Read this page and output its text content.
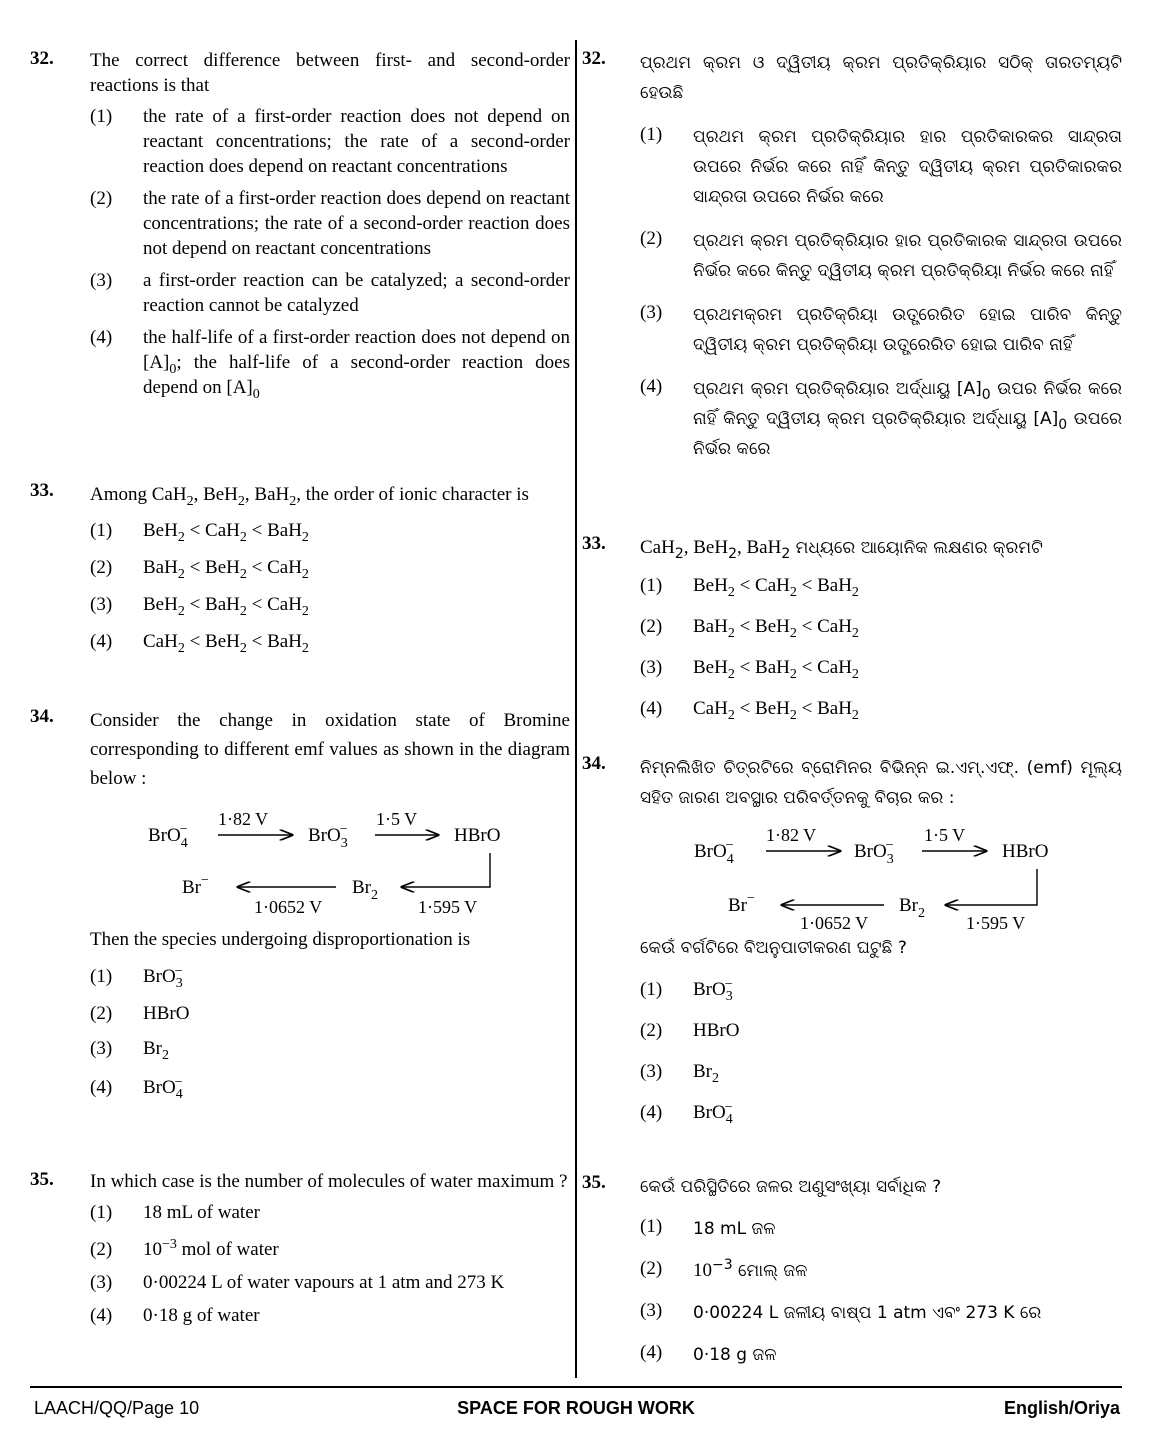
32. The correct difference between first- and second-order reactions is that
(1) the rate of a first-order reaction does not depend on reactant concentrations; the rate of a second-order reaction does depend on reactant concentrations
(2) the rate of a first-order reaction does depend on reactant concentrations; the rate of a second-order reaction does not depend on reactant concentrations
(3) a first-order reaction can be catalyzed; a second-order reaction cannot be catalyzed
(4) the half-life of a first-order reaction does not depend on $[A]_0$; the half-life of a second-order reaction does depend on $[A]_0$
33. Among CaH$_2$, BeH$_2$, BaH$_2$, the order of ionic character is
(1) BeH$_2$ < CaH$_2$ < BaH$_2$
(2) BaH$_2$ < BeH$_2$ < CaH$_2$
(3) BeH$_2$ < BaH$_2$ < CaH$_2$
(4) CaH$_2$ < BeH$_2$ < BaH$_2$
34. Consider the change in oxidation state of Bromine corresponding to different emf values as shown in the diagram below :
BrO$_4$−
1·82 V
BrO$_3$−
1·5 V
HBrO
1·595 V
$Br_2$
1·0652 V
Br−
Then the species undergoing disproportionation is
(1) BrO$_3$−
(2) HBrO
(3) $Br_2$
(4) BrO$_4$−
35. In which case is the number of molecules of water maximum ?
(1) 18 mL of water
(2) $10^{-3}$ mol of water
(3) 0·00224 L of water vapours at 1 atm and 273 K
(4) 0·18 g of water
32. ପ୍ରଥମ କ୍ରମ ଓ ଦ୍ୱିତୀୟ କ୍ରମ ପ୍ରତିକ୍ରିୟାର ସଠିକ୍ ତାରତମ୍ୟଟି ହେଉଛି
(1) ପ୍ରଥମ କ୍ରମ ପ୍ରତିକ୍ରିୟାର ହାର ପ୍ରତିକାରକର ସାନ୍ଦ୍ରତା ଉପରେ ନିର୍ଭର କରେ ନାହିଁ କିନ୍ତୁ ଦ୍ୱିତୀୟ କ୍ରମ ପ୍ରତିକାରକର ସାନ୍ଦ୍ରତା ଉପରେ ନିର୍ଭର କରେ
(2) ପ୍ରଥମ କ୍ରମ ପ୍ରତିକ୍ରିୟାର ହାର ପ୍ରତିକାରକ ସାନ୍ଦ୍ରତା ଉପରେ ନିର୍ଭର କରେ କିନ୍ତୁ ଦ୍ୱିତୀୟ କ୍ରମ ପ୍ରତିକ୍ରିୟା ନିର୍ଭର କରେ ନାହିଁ
(3) ପ୍ରଥମକ୍ରମ ପ୍ରତିକ୍ରିୟା ଉତ୍ପ୍ରେରିତ ହୋଇ ପାରିବ କିନ୍ତୁ ଦ୍ୱିତୀୟ କ୍ରମ ପ୍ରତିକ୍ରିୟା ଉତ୍ପ୍ରେରିତ ହୋଇ ପାରିବ ନାହିଁ
(4) ପ୍ରଥମ କ୍ରମ ପ୍ରତିକ୍ରିୟାର ଅର୍ଦ୍ଧାୟୁ $[A]_0$ ଉପର ନିର୍ଭର କରେ ନାହିଁ କିନ୍ତୁ ଦ୍ୱିତୀୟ କ୍ରମ ପ୍ରତିକ୍ରିୟାର ଅର୍ଦ୍ଧାୟୁ $[A]_0$ ଉପରେ ନିର୍ଭର କରେ
33. CaH$_2$, BeH$_2$, BaH$_2$ ମଧ୍ୟରେ ଆୟୋନିକ ଲକ୍ଷଣର କ୍ରମଟି
(1) BeH$_2$ < CaH$_2$ < BaH$_2$
(2) BaH$_2$ < BeH$_2$ < CaH$_2$
(3) BeH$_2$ < BaH$_2$ < CaH$_2$
(4) CaH$_2$ < BeH$_2$ < BaH$_2$
34. ନିମ୍ନଲିଖିତ ଚିତ୍ରଟିରେ ବ୍ରୋମିନର ବିଭିନ୍ନ ଇ.ଏମ୍.ଏଫ୍. (emf) ମୂଲ୍ୟ ସହିତ ଜାରଣ ଅବସ୍ଥାର ପରିବର୍ତ୍ତନକୁ ବିଚାର କର :
BrO$_4$−
1·82 V
BrO$_3$−
1·5 V
HBrO
1·595 V
$Br_2$
1·0652 V
Br−
କେଉଁ ବର୍ଗଟିରେ ବିଅନୁପାତୀକରଣ ଘଟୁଛି ?
(1) BrO$_3$−
(2) HBrO
(3) $Br_2$
(4) BrO$_4$−
35. କେଉଁ ପରିସ୍ଥିତିରେ ଜଳର ଅଣୁସଂଖ୍ୟା ସର୍ବାଧିକ ?
(1) 18 mL ଜଳ
(2) $10^{-3}$ ମୋଲ୍ ଜଳ
(3) 0·00224 L ଜଳୀୟ ବାଷ୍ପ 1 atm ଏବଂ 273 K ରେ
(4) 0·18 g ଜଳ
LAACH/QQ/Page 10	SPACE FOR ROUGH WORK	English/Oriya
